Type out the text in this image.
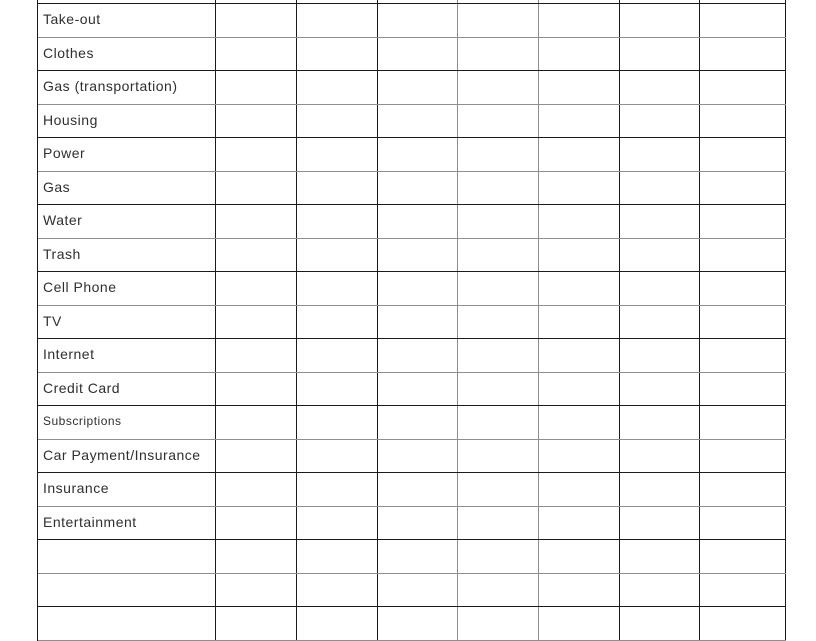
Take-out
Clothes
Gas (transportation)
Housing
Power
Gas
Water
Trash
Cell Phone
TV
Internet
Credit Card
Subscriptions
Car Payment/Insurance
Insurance
Entertainment
